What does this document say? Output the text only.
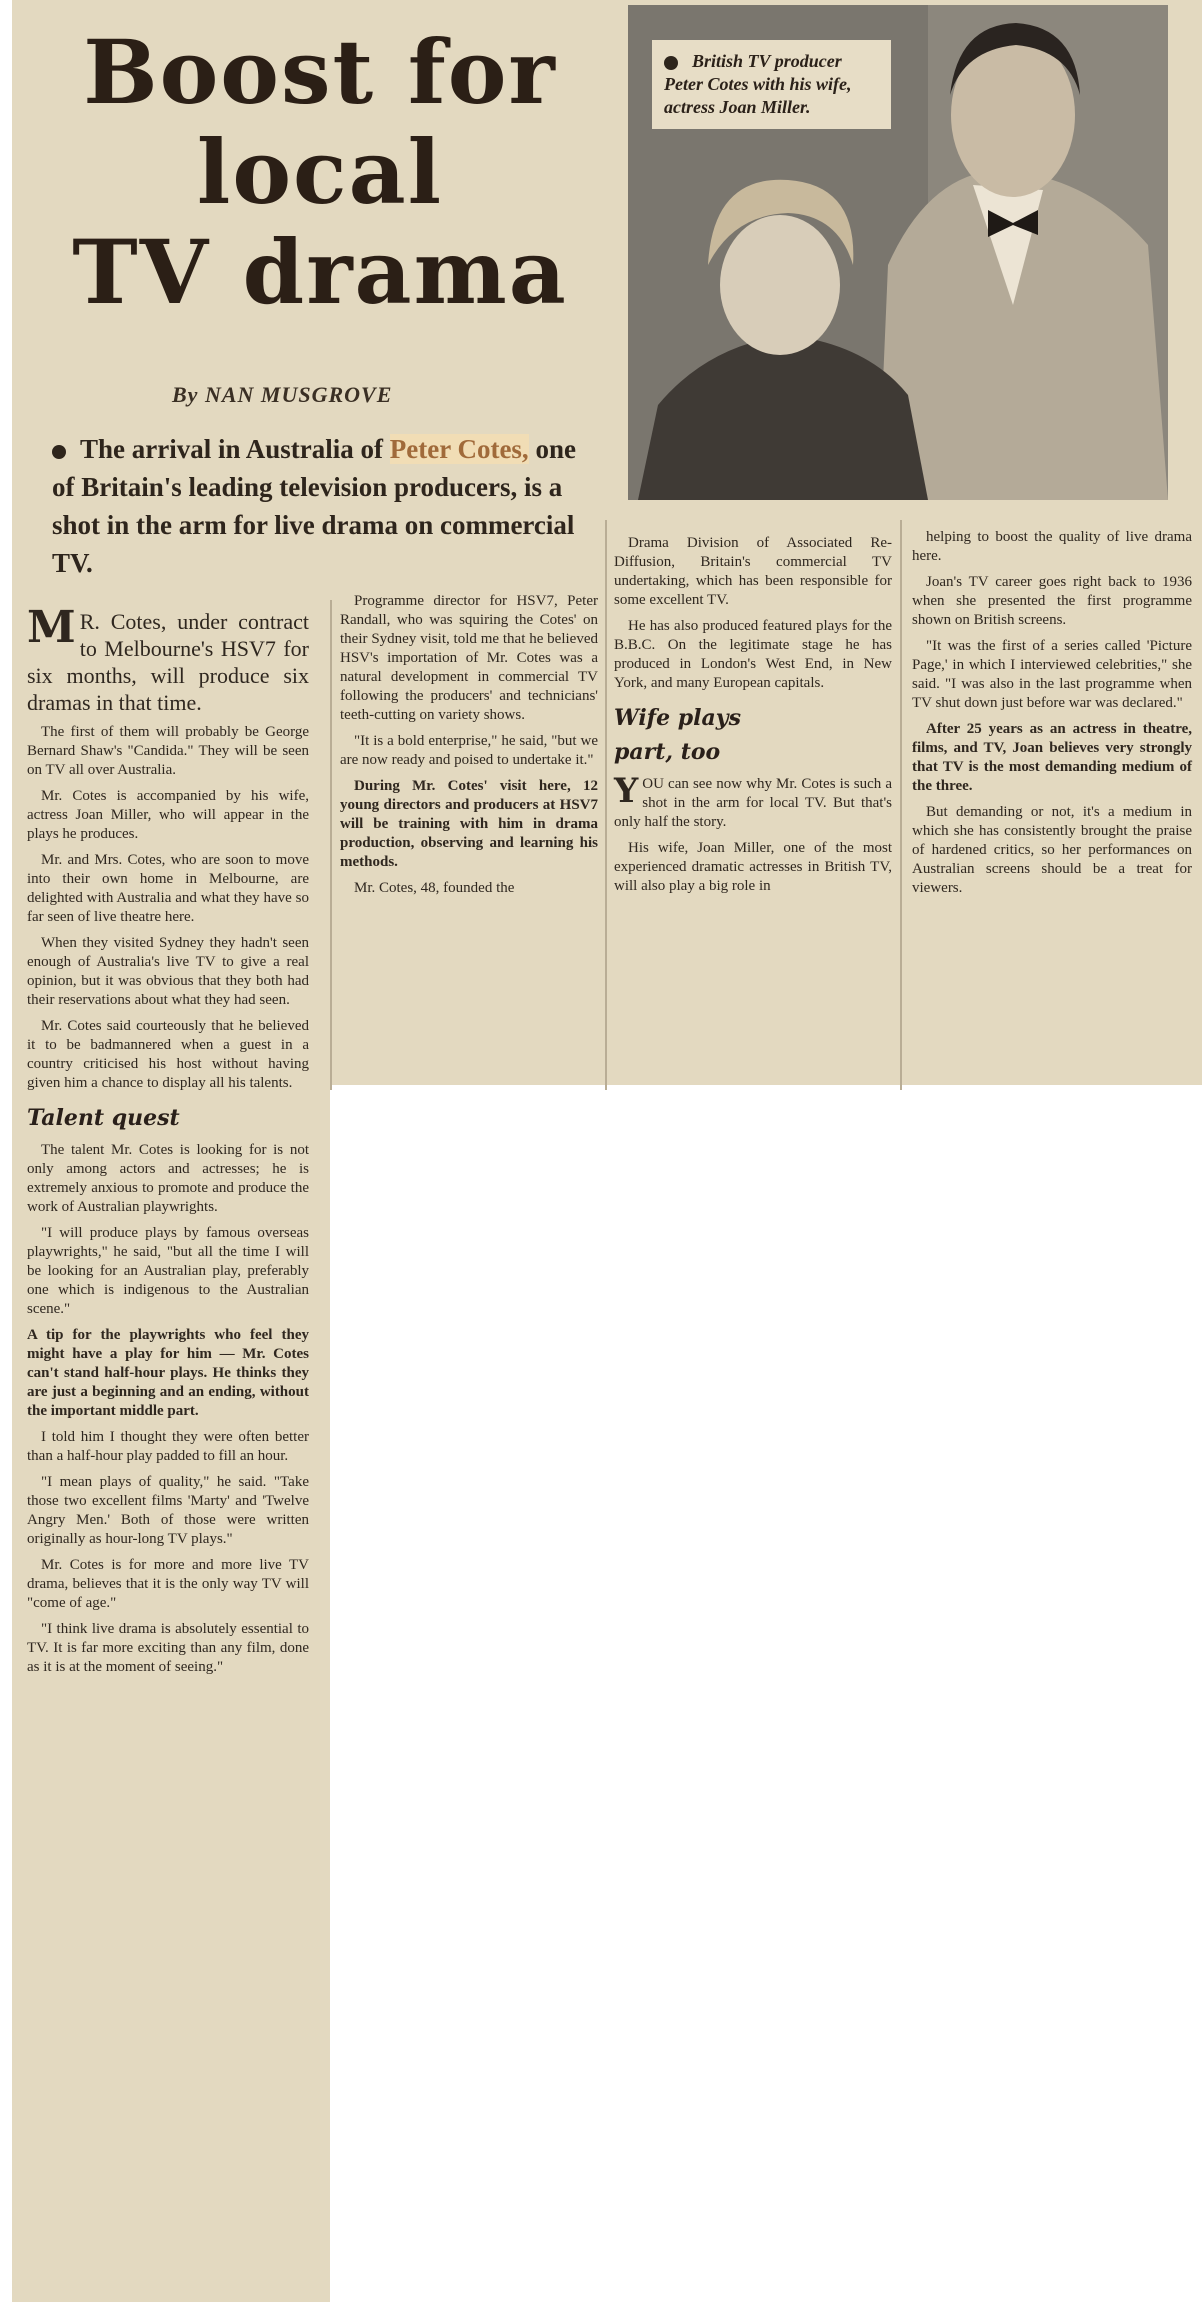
Boost for
local
TV drama
By NAN MUSGROVE
The arrival in Australia of Peter Cotes, one of Britain's leading television producers, is a shot in the arm for live drama on commercial TV.
British TV producer Peter Cotes with his wife, actress Joan Miller.

M R. Cotes, under contract to Melbourne's HSV7 for six months, will produce six dramas in that time.

The first of them will probably be George Bernard Shaw's "Candida." They will be seen on TV all over Australia.

Mr. Cotes is accompanied by his wife, actress Joan Miller, who will appear in the plays he produces.

Mr. and Mrs. Cotes, who are soon to move into their own home in Melbourne, are delighted with Australia and what they have so far seen of live theatre here.

When they visited Sydney they hadn't seen enough of Australia's live TV to give a real opinion, but it was obvious that they both had their reservations about what they had seen.

Mr. Cotes said courteously that he believed it to be badmannered when a guest in a country criticised his host without having given him a chance to display all his talents.

Talent quest

The talent Mr. Cotes is looking for is not only among actors and actresses; he is extremely anxious to promote and produce the work of Australian playwrights.

"I will produce plays by famous overseas playwrights," he said, "but all the time I will be looking for an Australian play, preferably one which is indigenous to the Australian scene."

A tip for the playwrights who feel they might have a play for him — Mr. Cotes can't stand half-hour plays. He thinks they are just a beginning and an ending, without the important middle part.

I told him I thought they were often better than a half-hour play padded to fill an hour.

"I mean plays of quality," he said. "Take those two excellent films 'Marty' and 'Twelve Angry Men.' Both of those were written originally as hour-long TV plays."

Mr. Cotes is for more and more live TV drama, believes that it is the only way TV will "come of age."

"I think live drama is absolutely essential to TV. It is far more exciting than any film, done as it is at the moment of seeing."

Programme director for HSV7, Peter Randall, who was squiring the Cotes' on their Sydney visit, told me that he believed HSV's importation of Mr. Cotes was a natural development in commercial TV following the producers' and technicians' teeth-cutting on variety shows.

"It is a bold enterprise," he said, "but we are now ready and poised to undertake it."

During Mr. Cotes' visit here, 12 young directors and producers at HSV7 will be training with him in drama production, observing and learning his methods.

Mr. Cotes, 48, founded the

Drama Division of Associated Re-Diffusion, Britain's commercial TV undertaking, which has been responsible for some excellent TV.

He has also produced featured plays for the B.B.C. On the legitimate stage he has produced in London's West End, in New York, and many European capitals.

Wife plays
part, too

YOU can see now why Mr. Cotes is such a shot in the arm for local TV. But that's only half the story.

His wife, Joan Miller, one of the most experienced dramatic actresses in British TV, will also play a big role in

helping to boost the quality of live drama here.

Joan's TV career goes right back to 1936 when she presented the first programme shown on British screens.

"It was the first of a series called 'Picture Page,' in which I interviewed celebrities," she said. "I was also in the last programme when TV shut down just before war was declared."

After 25 years as an actress in theatre, films, and TV, Joan believes very strongly that TV is the most demanding medium of the three.

But demanding or not, it's a medium in which she has consistently brought the praise of hardened critics, so her performances on Australian screens should be a treat for viewers.
